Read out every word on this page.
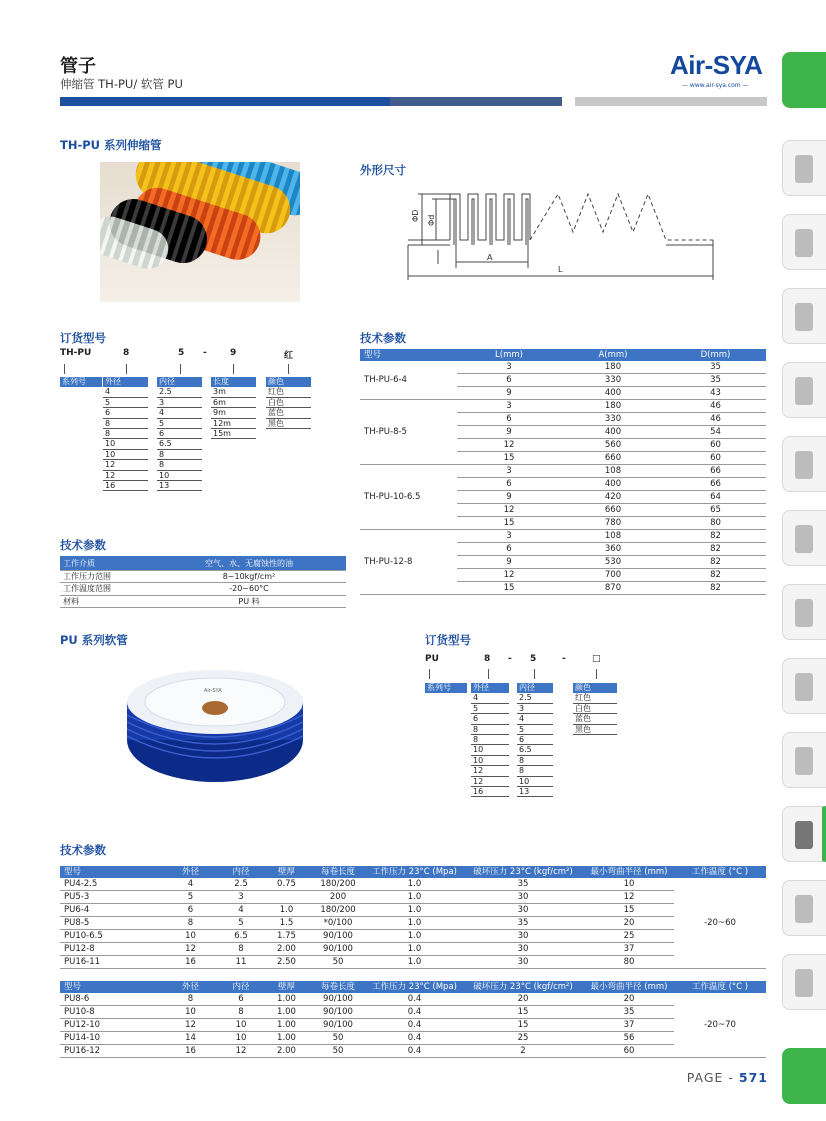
管子
伸缩管 TH-PU/ 软管 PU
Air-SYA
— www.air-sya.com —
TH-PU 系列伸缩管
外形尺寸
ΦD Φd
A
L
订货型号
TH-PU	8	5 -	9	红
系列号	外径
4
5
6
8
8
10
10
12
12
16
内径
2.5
3
4
5
6
6.5
8
8
10
13
长度
3m
6m
9m
12m
15m
颜色
红色
白色
蓝色
黑色
技术参数
工作介质	空气、水、无腐蚀性的油
工作压力范围	8~10kgf/cm²
工作温度范围	-20~60°C
材料	PU 料
技术参数
型号	L(mm)	A(mm)	D(mm)
TH-PU-6-4	3	180	35
	6	330	35
	9	400	43
TH-PU-8-5	3	180	46
	6	330	46
	9	400	54
	12	560	60
	15	660	60
TH-PU-10-6.5	3	108	66
	6	400	66
	9	420	64
	12	660	65
	15	780	80
TH-PU-12-8	3	108	82
	6	360	82
	9	530	82
	12	700	82
	15	870	82
PU 系列软管
Air-SYA
订货型号
PU	8 - 5	-	□
系列号	外径
4
5
6
8
8
10
10
12
12
16
内径
2.5
3
4
5
6
6.5
8
8
10
13
颜色
红色
白色
蓝色
黑色
技术参数
型号	外径	内径	壁厚	每卷长度	工作压力 23°C (Mpa)	破坏压力 23°C (kgf/cm²)	最小弯曲半径 (mm)	工作温度 (°C )
PU4-2.5	4	2.5	0.75	180/200	1.0	35	10	-20~60
PU5-3	5	3		200	1.0	30	12	
PU6-4	6	4	1.0	180/200	1.0	30	15	
PU8-5	8	5	1.5	*0/100	1.0	35	20	
PU10-6.5	10	6.5	1.75	90/100	1.0	30	25	
PU12-8	12	8	2.00	90/100	1.0	30	37	
PU16-11	16	11	2.50	50	1.0	30	80	
型号	外径	内径	壁厚	每卷长度	工作压力 23°C (Mpa)	破坏压力 23°C (kgf/cm²)	最小弯曲半径 (mm)	工作温度 (°C )
PU8-6	8	6	1.00	90/100	0.4	20	20	-20~70
PU10-8	10	8	1.00	90/100	0.4	15	35	
PU12-10	12	10	1.00	90/100	0.4	15	37	
PU14-10	14	10	1.00	50	0.4	25	56	
PU16-12	16	12	2.00	50	0.4	2	60	
PAGE - 571
